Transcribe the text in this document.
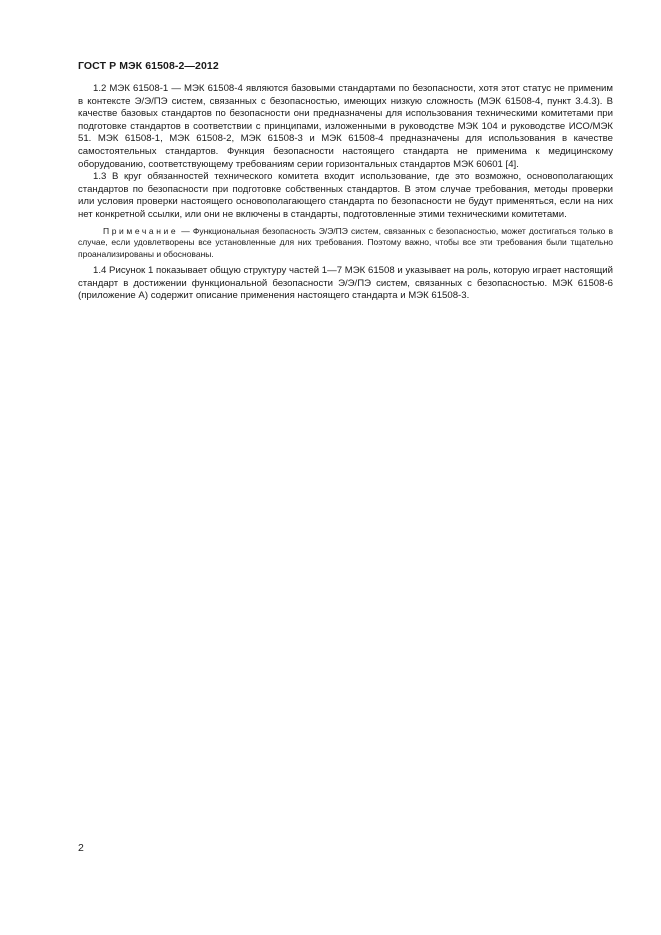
ГОСТ Р МЭК 61508-2—2012

1.2 МЭК 61508-1 — МЭК 61508-4 являются базовыми стандартами по безопасности, хотя этот статус не применим в контексте Э/Э/ПЭ систем, связанных с безопасностью, имеющих низкую сложность (МЭК 61508-4, пункт 3.4.3). В качестве базовых стандартов по безопасности они предназначены для использования техническими комитетами при подготовке стандартов в соответствии с принципами, изложенными в руководстве МЭК 104 и руководстве ИСО/МЭК 51. МЭК 61508-1, МЭК 61508-2, МЭК 61508-3 и МЭК 61508-4 предназначены для использования в качестве самостоятельных стандартов. Функция безопасности настоящего стандарта не применима к медицинскому оборудованию, соответствующему требованиям серии горизонтальных стандартов МЭК 60601 [4].

1.3 В круг обязанностей технического комитета входит использование, где это возможно, основополагающих стандартов по безопасности при подготовке собственных стандартов. В этом случае требования, методы проверки или условия проверки настоящего основополагающего стандарта по безопасности не будут применяться, если на них нет конкретной ссылки, или они не включены в стандарты, подготовленные этими техническими комитетами.

Примечание — Функциональная безопасность Э/Э/ПЭ систем, связанных с безопасностью, может достигаться только в случае, если удовлетворены все установленные для них требования. Поэтому важно, чтобы все эти требования были тщательно проанализированы и обоснованы.

1.4 Рисунок 1 показывает общую структуру частей 1—7 МЭК 61508 и указывает на роль, которую играет настоящий стандарт в достижении функциональной безопасности Э/Э/ПЭ систем, связанных с безопасностью. МЭК 61508-6 (приложение А) содержит описание применения настоящего стандарта и МЭК 61508-3.

2
